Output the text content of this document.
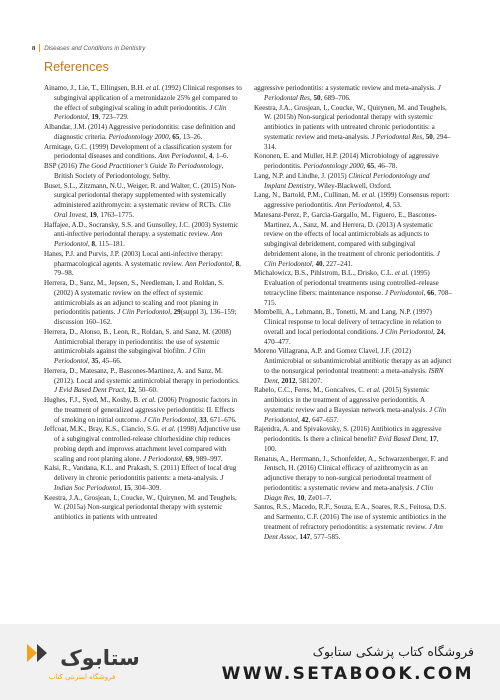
8 Diseases and Conditions in Dentistry
References

Ainamo, J., Lie, T., Ellingsen, B.H. et al. (1992) Clinical responses to subgingival application of a metronidazole 25% gel compared to the effect of subgingival scaling in adult periodontitis. J Clin Periodontol, 19, 723–729.

Albandar, J.M. (2014) Aggressive periodontitis: case definition and diagnostic criteria. Periodontology 2000, 65, 13–26.

Armitage, G.C. (1999) Development of a classification system for periodontal diseases and conditions. Ann Periodontol, 4, 1–6.

BSP (2016) The Good Practitioner’s Guide To Periodontology, British Society of Periodontology, Selby.

Buset, S.L., Zitzmann, N.U., Weiger, R. and Walter, C. (2015) Non-surgical periodontal therapy supplemented with systemically administered azithromycin: a systematic review of RCTs. Clin Oral Invest, 19, 1763–1775.

Haffajee, A.D., Socransky, S.S. and Gunsolley, J.C. (2003) Systemic anti-infective periodontal therapy. a systematic review. Ann Periodontol, 8, 115–181.

Hanes, P.J. and Purvis, J.P. (2003) Local anti-infective therapy: pharmacological agents. A systematic review. Ann Periodontol, 8, 79–98.

Herrera, D., Sanz, M., Jepsen, S., Needleman, I. and Roldan, S. (2002) A systematic review on the effect of systemic antimicrobials as an adjunct to scaling and root planing in periodontitis patients. J Clin Periodontol, 29(suppl 3), 136–159; discussion 160–162.

Herrera, D., Alonso, B., Leon, R., Roldan, S. and Sanz, M. (2008) Antimicrobial therapy in periodontitis: the use of systemic antimicrobials against the subgingival biofilm. J Clin Periodontol, 35, 45–66.

Herrera, D., Matesanz, P., Bascones-Martinez, A. and Sanz, M. (2012). Local and systemic antimicrobial therapy in periodontics. J Evid Based Dent Pract, 12, 50–60.

Hughes, F.J., Syed, M., Koshy, B. et al. (2006) Prognostic factors in the treatment of generalized aggressive periodontitis: II. Effects of smoking on initial outcome. J Clin Periodontol, 33, 671–676.

Jeffcoat, M.K., Bray, K.S., Ciancio, S.G. et al. (1998) Adjunctive use of a subgingival controlled-release chlorhexidine chip reduces probing depth and improves attachment level compared with scaling and root planing alone. J Periodontol, 69, 989–997.

Kalsi, R., Vandana, K.L. and Prakash, S. (2011) Effect of local drug delivery in chronic periodontitis patients: a meta-analysis. J Indian Soc Periodontol, 15, 304–309.

Keestra, J.A., Grosjean, I., Coucke, W., Quirynen, M. and Teughels, W. (2015a) Non-surgical periodontal therapy with systemic antibiotics in patients with untreated

aggressive periodontitis: a systematic review and meta-analysis. J Periodontal Res, 50, 689–706.

Keestra, J.A., Grosjean, I., Coucke, W., Quirynen, M. and Teughels, W. (2015b) Non-surgical periodontal therapy with systemic antibiotics in patients with untreated chronic periodontitis: a systematic review and meta-analysis. J Periodontal Res, 50, 294–314.

Kononen, E. and Muller, H.P. (2014) Microbiology of aggressive periodontitis. Periodontology 2000, 65, 46–78.

Lang, N.P. and Lindhe, J. (2015) Clinical Periodontology and Implant Dentistry, Wiley-Blackwell, Oxford.

Lang, N., Bartold, P.M., Cullinan, M. et al. (1999) Consensus report: aggressive periodontitis. Ann Periodontol, 4, 53.

Matesanz-Perez, P., Garcia-Gargallo, M., Figuero, E., Bascones-Martinez, A., Sanz, M. and Herrera, D. (2013) A systematic review on the effects of local antimicrobials as adjuncts to subgingival debridement, compared with subgingival debridement alone, in the treatment of chronic periodontitis. J Clin Periodontol, 40, 227–241.

Michalowicz, B.S., Pihlstrom, B.L., Drisko, C.L. et al. (1995) Evaluation of periodontal treatments using controlled–release tetracycline fibers: maintenance response. J Periodontol, 66, 708–715.

Mombelli, A., Lehmann, B., Tonetti, M. and Lang, N.P. (1997) Clinical response to local delivery of tetracycline in relation to overall and local periodontal conditions. J Clin Periodontol, 24, 470–477.

Moreno Villagrana, A.P. and Gomez Clavel, J.F. (2012) Antimicrobial or subantimicrobial antibiotic therapy as an adjunct to the nonsurgical periodontal treatment: a meta-analysis. ISRN Dent, 2012, 581207.

Rabelo, C.C., Feres, M., Goncalves, C. et al. (2015) Systemic antibiotics in the treatment of aggressive periodontitis. A systematic review and a Bayesian network meta-analysis. J Clin Periodontol, 42, 647–657.

Rajendra, A. and Spivakovsky, S. (2016) Antibiotics in aggressive periodontitis. Is there a clinical benefit? Evid Based Dent, 17, 100.

Renatus, A., Herrmann, J., Schonfelder, A., Schwarzenberger, F. and Jentsch, H. (2016) Clinical efficacy of azithromycin as an adjunctive therapy to non-surgical periodontal treatment of periodontitis: a systematic review and meta-analysis. J Clin Diagn Res, 10, Ze01–7.

Santos, R.S., Macedo, R.F., Souza, E.A., Soares, R.S., Feitosa, D.S. and Sarmento, C.F. (2016) The use of systemic antibiotics in the treatment of refractory periodontitis: a systematic review. J Am Dent Assoc, 147, 577–585.

ستابوک
فروشگاه اینترنتی کتاب
فروشگاه کتاب پزشکی ستابوک
WWW.SETABOOK.COM
